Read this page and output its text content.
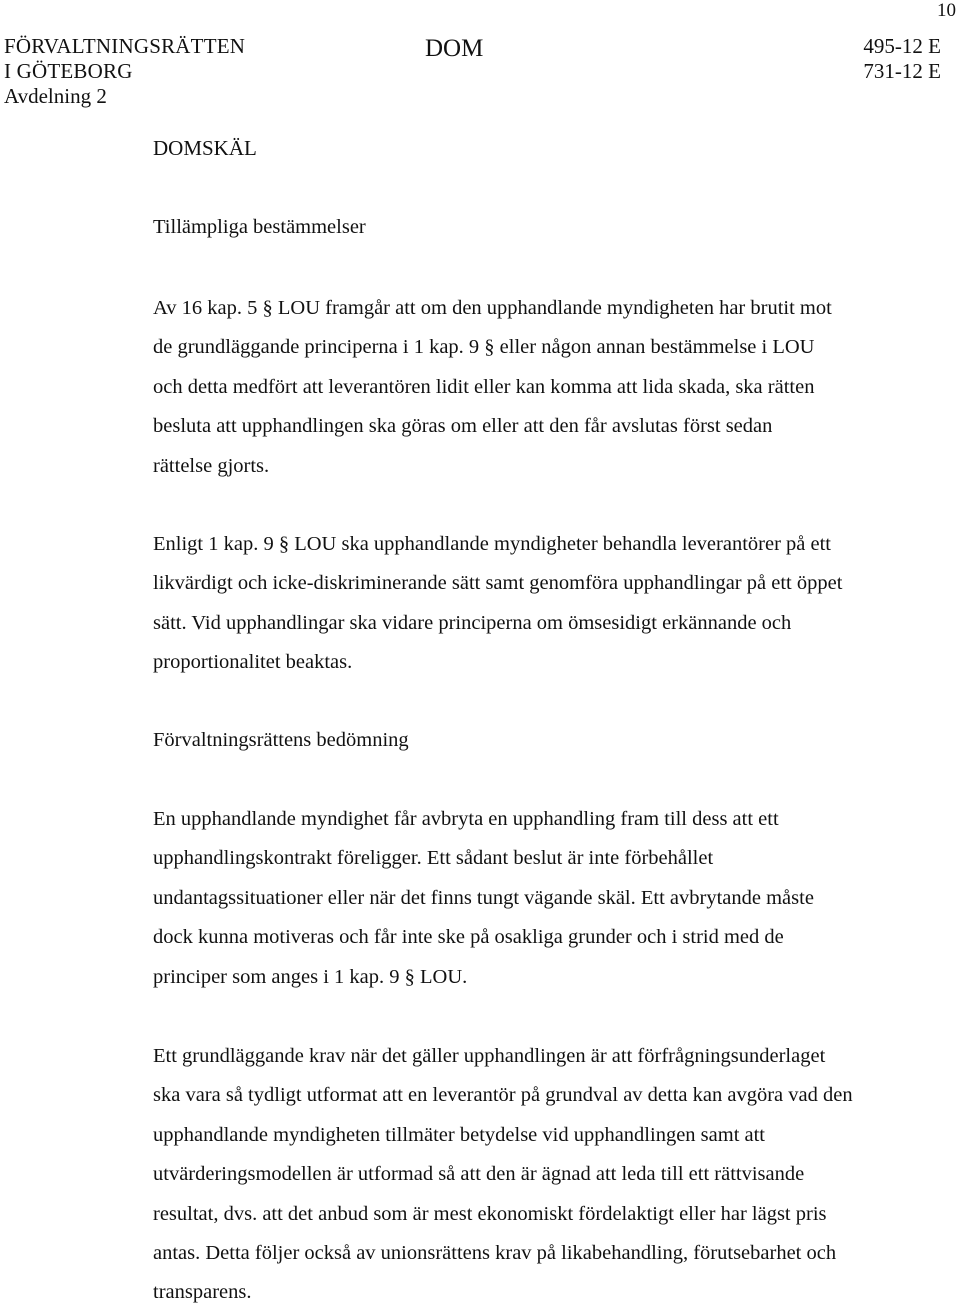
10
FÖRVALTNINGSRÄTTEN
I GÖTEBORG
Avdelning 2
DOM	495-12 E
731-12 E
DOMSKÄL
Tillämpliga bestämmelser
Av 16 kap. 5 § LOU framgår att om den upphandlande myndigheten har brutit mot de grundläggande principerna i 1 kap. 9 § eller någon annan bestämmelse i LOU och detta medfört att leverantören lidit eller kan komma att lida skada, ska rätten besluta att upphandlingen ska göras om eller att den får avslutas först sedan rättelse gjorts.
Enligt 1 kap. 9 § LOU ska upphandlande myndigheter behandla leverantörer på ett likvärdigt och icke-diskriminerande sätt samt genomföra upphandlingar på ett öppet sätt. Vid upphandlingar ska vidare principerna om ömsesidigt erkännande och proportionalitet beaktas.
Förvaltningsrättens bedömning
En upphandlande myndighet får avbryta en upphandling fram till dess att ett upphandlingskontrakt föreligger. Ett sådant beslut är inte förbehållet undantagssituationer eller när det finns tungt vägande skäl. Ett avbrytande måste dock kunna motiveras och får inte ske på osakliga grunder och i strid med de principer som anges i 1 kap. 9 § LOU.
Ett grundläggande krav när det gäller upphandlingen är att förfrågningsunderlaget ska vara så tydligt utformat att en leverantör på grundval av detta kan avgöra vad den upphandlande myndigheten tillmäter betydelse vid upphandlingen samt att utvärderingsmodellen är utformad så att den är ägnad att leda till ett rättvisande resultat, dvs. att det anbud som är mest ekonomiskt fördelaktigt eller har lägst pris antas. Detta följer också av unionsrättens krav på likabehandling, förutsebarhet och transparens.
